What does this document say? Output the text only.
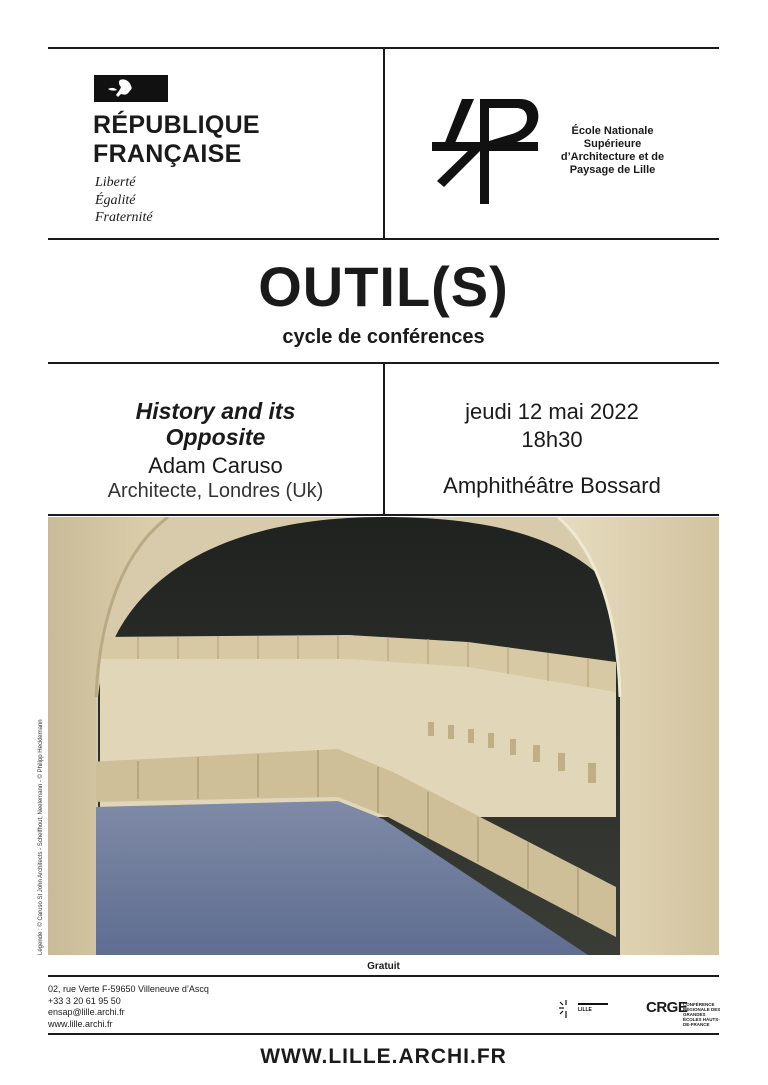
RÉPUBLIQUE
FRANÇAISE
Liberté
Égalité
Fraternité
École Nationale
Supérieure
d’Architecture et de
Paysage de Lille
OUTIL(S)
cycle de conférences
History and its
Opposite
Adam Caruso
Architecte, Londres (Uk)
jeudi 12 mai 2022
18h30
Amphithéâtre Bossard
Légende : © Caruso St John Architects - Schelfhout, Neelemann - © Philipp Hecklemann
Gratuit
02, rue Verte F-59650 Villeneuve d’Ascq
+33 3 20 61 95 50
ensap@lille.archi.fr
www.lille.archi.fr
LILLE	CRGE
CONFÉRENCE RÉGIONALE DES GRANDES ÉCOLES HAUTS-DE-FRANCE
WWW.LILLE.ARCHI.FR
